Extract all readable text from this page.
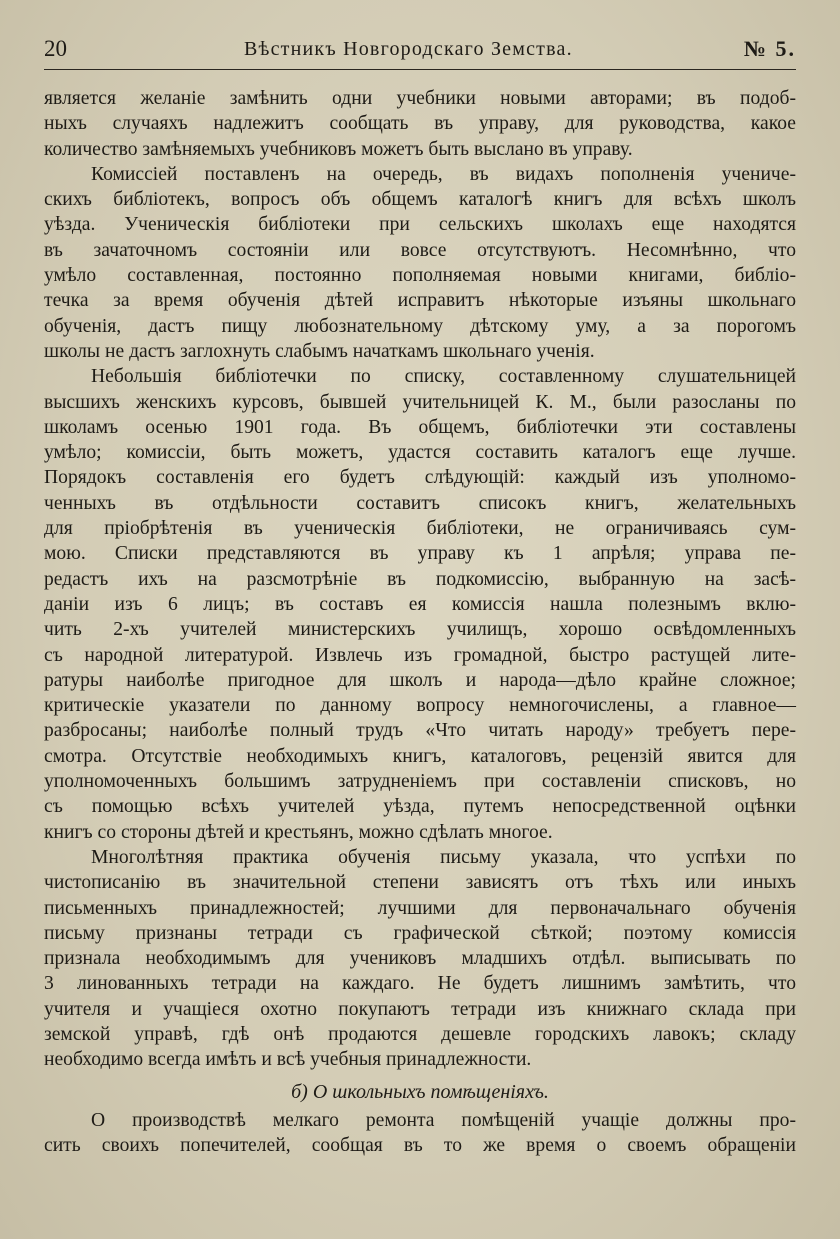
20	Вѣстникъ Новгородскаго Земства.	№ 5.

является желаніе замѣнить одни учебники новыми авторами; въ подоб-

ныхъ случаяхъ надлежитъ сообщать въ управу, для руководства, какое

количество замѣняемыхъ учебниковъ можетъ быть выслано въ управу.

Комиссіей поставленъ на очередь, въ видахъ пополненія учениче-

скихъ библіотекъ, вопросъ объ общемъ каталогѣ книгъ для всѣхъ школъ

уѣзда. Ученическія библіотеки при сельскихъ школахъ еще находятся

въ зачаточномъ состояніи или вовсе отсутствуютъ. Несомнѣнно, что

умѣло составленная, постоянно пополняемая новыми книгами, библіо-

течка за время обученія дѣтей исправитъ нѣкоторые изъяны школьнаго

обученія, дастъ пищу любознательному дѣтскому уму, а за порогомъ

школы не дастъ заглохнуть слабымъ начаткамъ школьнаго ученія.

Небольшія библіотечки по списку, составленному слушательницей

высшихъ женскихъ курсовъ, бывшей учительницей К. М., были разосланы по

школамъ осенью 1901 года. Въ общемъ, библіотечки эти составлены

умѣло; комиссіи, быть можетъ, удастся составить каталогъ еще лучше.

Порядокъ составленія его будетъ слѣдующій: каждый изъ уполномо-

ченныхъ въ отдѣльности составитъ списокъ книгъ, желательныхъ

для пріобрѣтенія въ ученическія библіотеки, не ограничиваясь сум-

мою. Списки представляются въ управу къ 1 апрѣля; управа пе-

редастъ ихъ на разсмотрѣніе въ подкомиссію, выбранную на засѣ-

даніи изъ 6 лицъ; въ составъ ея комиссія нашла полезнымъ вклю-

чить 2-хъ учителей министерскихъ училищъ, хорошо освѣдомленныхъ

съ народной литературой. Извлечь изъ громадной, быстро растущей лите-

ратуры наиболѣе пригодное для школъ и народа—дѣло крайне сложное;

критическіе указатели по данному вопросу немногочислены, а главное—

разбросаны; наиболѣе полный трудъ «Что читать народу» требуетъ пере-

смотра. Отсутствіе необходимыхъ книгъ, каталоговъ, рецензій явится для

уполномоченныхъ большимъ затрудненіемъ при составленіи списковъ, но

съ помощью всѣхъ учителей уѣзда, путемъ непосредственной оцѣнки

книгъ со стороны дѣтей и крестьянъ, можно сдѣлать многое.

Многолѣтняя практика обученія письму указала, что успѣхи по

чистописанію въ значительной степени зависятъ отъ тѣхъ или иныхъ

письменныхъ принадлежностей; лучшими для первоначальнаго обученія

письму признаны тетради съ графической сѣткой; поэтому комиссія

признала необходимымъ для учениковъ младшихъ отдѣл. выписывать по

3 линованныхъ тетради на каждаго. Не будетъ лишнимъ замѣтить, что

учителя и учащіеся охотно покупаютъ тетради изъ книжнаго склада при

земской управѣ, гдѣ онѣ продаются дешевле городскихъ лавокъ; складу

необходимо всегда имѣть и всѣ учебныя принадлежности.

б) О школьныхъ помѣщеніяхъ.

О производствѣ мелкаго ремонта помѣщеній учащіе должны про-

сить своихъ попечителей, сообщая въ то же время о своемъ обращеніи
